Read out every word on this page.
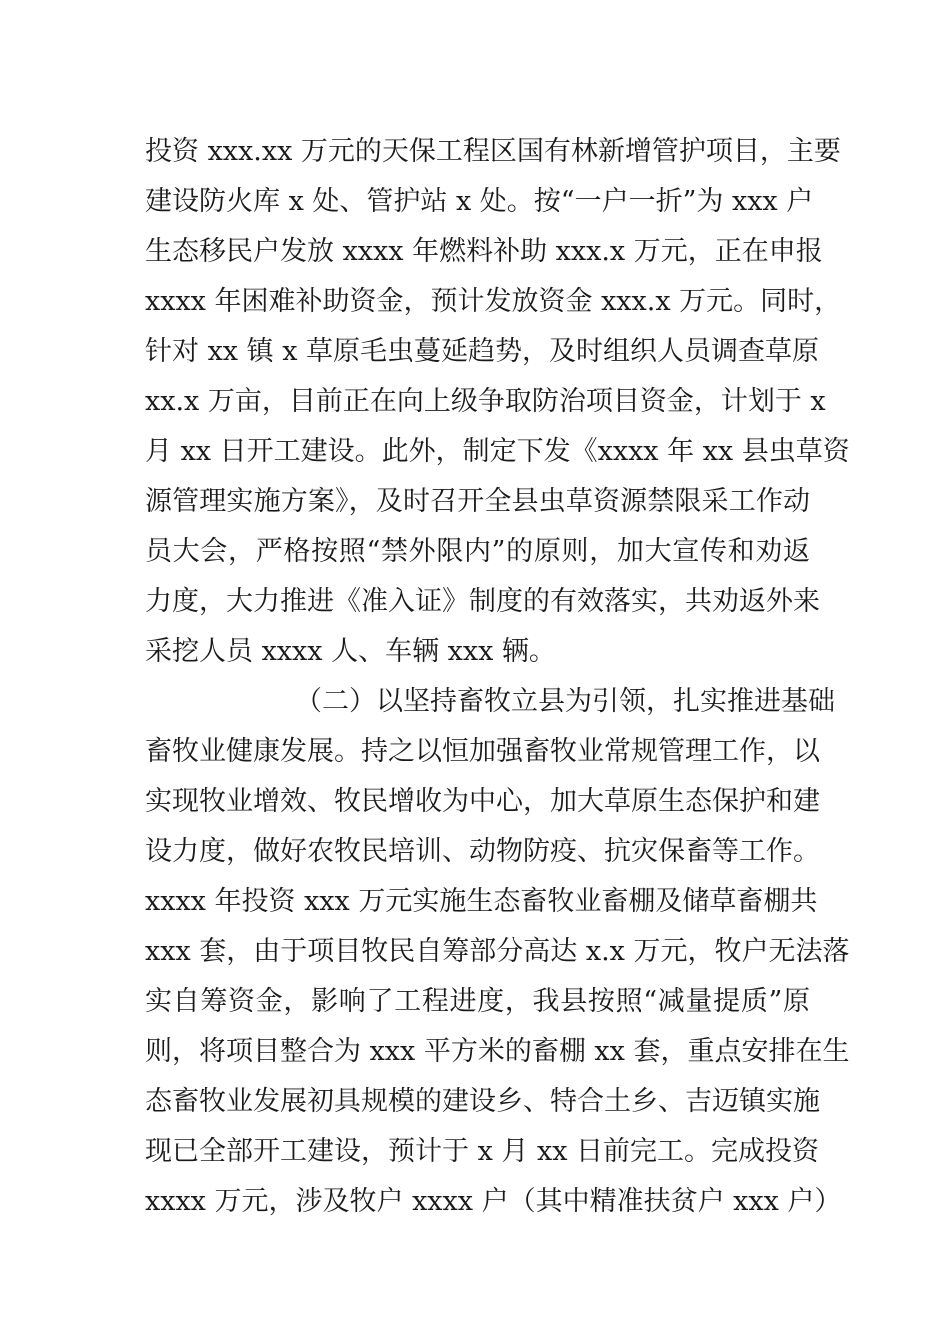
投资 xxx.xx 万元的天保工程区国有林新增管护项目，主要
建设防火库 x 处、管护站 x 处。按“一户一折”为 xxx 户
生态移民户发放 xxxx 年燃料补助 xxx.x 万元，正在申报
xxxx 年困难补助资金，预计发放资金 xxx.x 万元。同时，
针对 xx 镇 x 草原毛虫蔓延趋势，及时组织人员调查草原
xx.x 万亩，目前正在向上级争取防治项目资金，计划于 x
月 xx 日开工建设。此外，制定下发《xxxx 年 xx 县虫草资
源管理实施方案》，及时召开全县虫草资源禁限采工作动
员大会，严格按照“禁外限内”的原则，加大宣传和劝返
力度，大力推进《准入证》制度的有效落实，共劝返外来
采挖人员 xxxx 人、车辆 xxx 辆。
（二）以坚持畜牧立县为引领，扎实推进基础
畜牧业健康发展。持之以恒加强畜牧业常规管理工作，以
实现牧业增效、牧民增收为中心，加大草原生态保护和建
设力度，做好农牧民培训、动物防疫、抗灾保畜等工作。
xxxx 年投资 xxx 万元实施生态畜牧业畜棚及储草畜棚共
xxx 套，由于项目牧民自筹部分高达 x.x 万元，牧户无法落
实自筹资金，影响了工程进度，我县按照“减量提质”原
则，将项目整合为 xxx 平方米的畜棚 xx 套，重点安排在生
态畜牧业发展初具规模的建设乡、特合土乡、吉迈镇实施
现已全部开工建设，预计于 x 月 xx 日前完工。完成投资
xxxx 万元，涉及牧户 xxxx 户（其中精准扶贫户 xxx 户）
